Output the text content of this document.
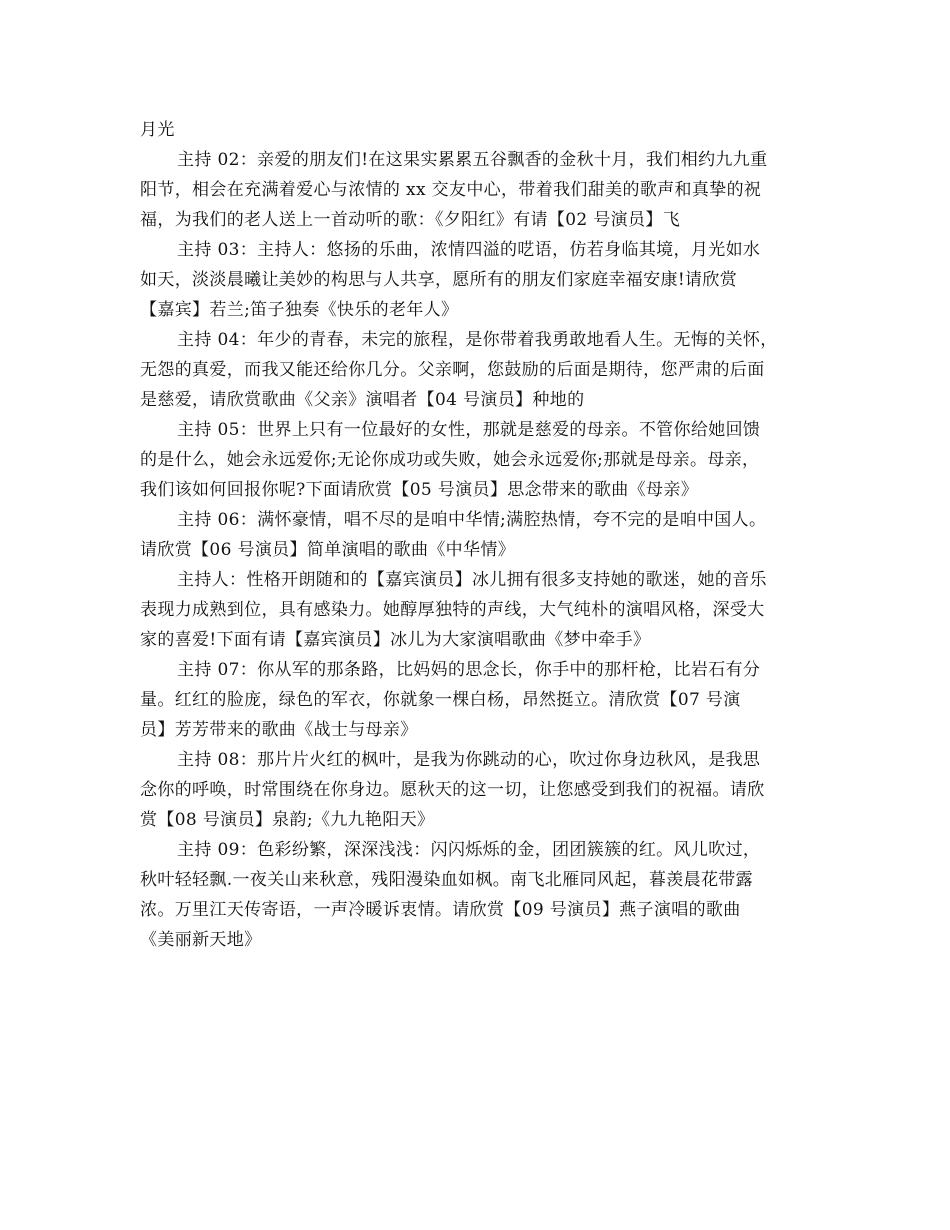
月光
主持 02：亲爱的朋友们!在这果实累累五谷飘香的金秋十月，我们相约九九重
阳节，相会在充满着爱心与浓情的 xx 交友中心，带着我们甜美的歌声和真挚的祝
福，为我们的老人送上一首动听的歌：《夕阳红》有请【02 号演员】飞
主持 03：主持人：悠扬的乐曲，浓情四溢的呓语，仿若身临其境，月光如水
如天，淡淡晨曦让美妙的构思与人共享，愿所有的朋友们家庭幸福安康!请欣赏
【嘉宾】若兰;笛子独奏《快乐的老年人》
主持 04：年少的青春，未完的旅程，是你带着我勇敢地看人生。无悔的关怀，
无怨的真爱，而我又能还给你几分。父亲啊，您鼓励的后面是期待，您严肃的后面
是慈爱，请欣赏歌曲《父亲》演唱者【04 号演员】种地的
主持 05：世界上只有一位最好的女性，那就是慈爱的母亲。不管你给她回馈
的是什么，她会永远爱你;无论你成功或失败，她会永远爱你;那就是母亲。母亲，
我们该如何回报你呢?下面请欣赏【05 号演员】思念带来的歌曲《母亲》
主持 06：满怀豪情，唱不尽的是咱中华情;满腔热情，夸不完的是咱中国人。
请欣赏【06 号演员】简单演唱的歌曲《中华情》
主持人：性格开朗随和的【嘉宾演员】冰儿拥有很多支持她的歌迷，她的音乐
表现力成熟到位，具有感染力。她醇厚独特的声线，大气纯朴的演唱风格，深受大
家的喜爱!下面有请【嘉宾演员】冰儿为大家演唱歌曲《梦中牵手》
主持 07：你从军的那条路，比妈妈的思念长，你手中的那杆枪，比岩石有分
量。红红的脸庞，绿色的军衣，你就象一棵白杨，昂然挺立。清欣赏【07 号演
员】芳芳带来的歌曲《战士与母亲》
主持 08：那片片火红的枫叶，是我为你跳动的心，吹过你身边秋风，是我思
念你的呼唤，时常围绕在你身边。愿秋天的这一切，让您感受到我们的祝福。请欣
赏【08 号演员】泉韵;《九九艳阳天》
主持 09：色彩纷繁，深深浅浅：闪闪烁烁的金，团团簇簇的红。风儿吹过，
秋叶轻轻飘.一夜关山来秋意，残阳漫染血如枫。南飞北雁同风起，暮羡晨花带露
浓。万里江天传寄语，一声冷暖诉衷情。请欣赏【09 号演员】燕子演唱的歌曲
《美丽新天地》
